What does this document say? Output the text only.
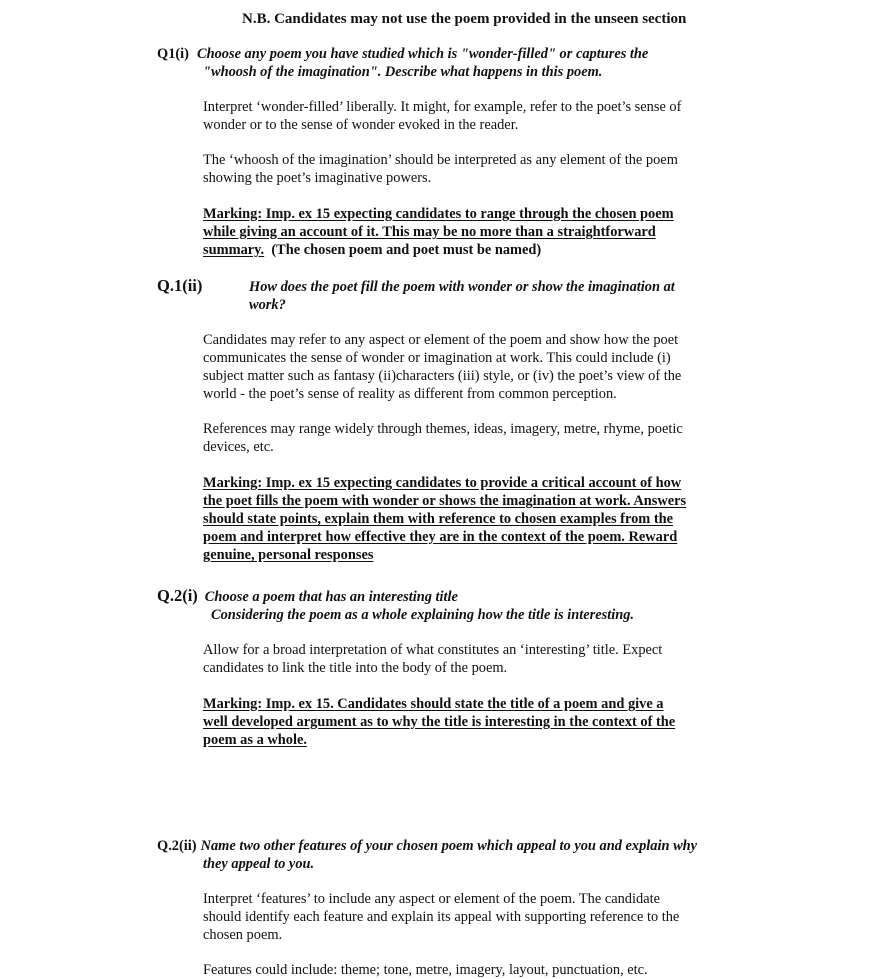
N.B. Candidates may not use the poem provided in the unseen section
Q1(i) Choose any poem you have studied which is "wonder-filled" or captures the
"whoosh of the imagination". Describe what happens in this poem.
Interpret ‘wonder-filled’ liberally. It might, for example, refer to the poet’s sense of
wonder or to the sense of wonder evoked in the reader.
The ‘whoosh of the imagination’ should be interpreted as any element of the poem
showing the poet’s imaginative powers.
Marking: Imp. ex 15 expecting candidates to range through the chosen poem
while giving an account of it. This may be no more than a straightforward
summary.  (The chosen poem and poet must be named)
Q.1(ii)	How does the poet fill the poem with wonder or show the imagination at
work?
Candidates may refer to any aspect or element of the poem and show how the poet
communicates the sense of wonder or imagination at work. This could include (i)
subject matter such as fantasy (ii)characters (iii) style, or (iv) the poet’s view of the
world - the poet’s sense of reality as different from common perception.
References may range widely through themes, ideas, imagery, metre, rhyme, poetic
devices, etc.
Marking: Imp. ex 15 expecting candidates to provide a critical account of how
the poet fills the poem with wonder or shows the imagination at work. Answers
should state points, explain them with reference to chosen examples from the
poem and interpret how effective they are in the context of the poem. Reward
genuine, personal responses
Q.2(i) Choose a poem that has an interesting title
Considering the poem as a whole explaining how the title is interesting.
Allow for a broad interpretation of what constitutes an ‘interesting’ title. Expect
candidates to link the title into the body of the poem.
Marking: Imp. ex 15. Candidates should state the title of a poem and give a
well developed argument as to why the title is interesting in the context of the
poem as a whole.
Q.2(ii) Name two other features of your chosen poem which appeal to you and explain why
they appeal to you.
Interpret ‘features’ to include any aspect or element of the poem. The candidate
should identify each feature and explain its appeal with supporting reference to the
chosen poem.
Features could include: theme; tone, metre, imagery, layout, punctuation, etc.
